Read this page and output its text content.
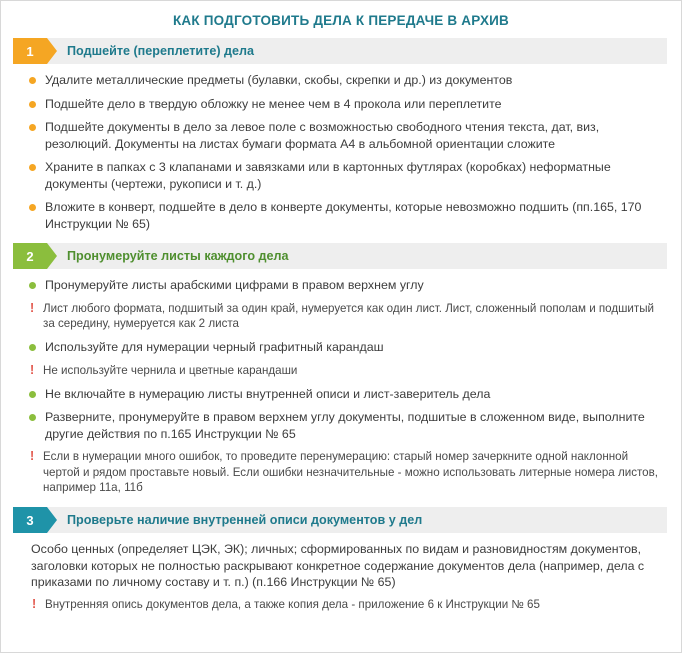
КАК ПОДГОТОВИТЬ ДЕЛА К ПЕРЕДАЧЕ В АРХИВ
1	Подшейте (переплетите) дела
Удалите металлические предметы (булавки, скобы, скрепки и др.) из документов
Подшейте дело в твердую обложку не менее чем в 4 прокола или переплетите
Подшейте документы в дело за левое поле с возможностью свободного чтения текста, дат, виз, резолюций. Документы на листах бумаги формата А4 в альбомной ориентации сложите
Храните в папках с 3 клапанами и завязками или в картонных футлярах (коробках) неформатные документы (чертежи, рукописи и т. д.)
Вложите в конверт, подшейте в дело в конверте документы, которые невозможно подшить (пп.165, 170 Инструкции № 65)
2	Пронумеруйте листы каждого дела
Пронумеруйте листы арабскими цифрами в правом верхнем углу
! Лист любого формата, подшитый за один край, нумеруется как один лист. Лист, сложенный пополам и подшитый за середину, нумеруется как 2 листа
Используйте для нумерации черный графитный карандаш
! Не используйте чернила и цветные карандаши
Не включайте в нумерацию листы внутренней описи и лист-заверитель дела
Разверните, пронумеруйте в правом верхнем углу документы, подшитые в сложенном виде, выполните другие действия по п.165 Инструкции № 65
! Если в нумерации много ошибок, то проведите перенумерацию: старый номер зачеркните одной наклонной чертой и рядом проставьте новый. Если ошибки незначительные - можно использовать литерные номера листов, например 11а, 11б
3	Проверьте наличие внутренней описи документов у дел

Особо ценных (определяет ЦЭК, ЭК); личных; сформированных по видам и разновидностям документов, заголовки которых не полностью раскрывают конкретное содержание документов дела (например, дела с приказами по личному составу и т. п.) (п.166 Инструкции № 65)

! Внутренняя опись документов дела, а также копия дела - приложение 6 к Инструкции № 65
